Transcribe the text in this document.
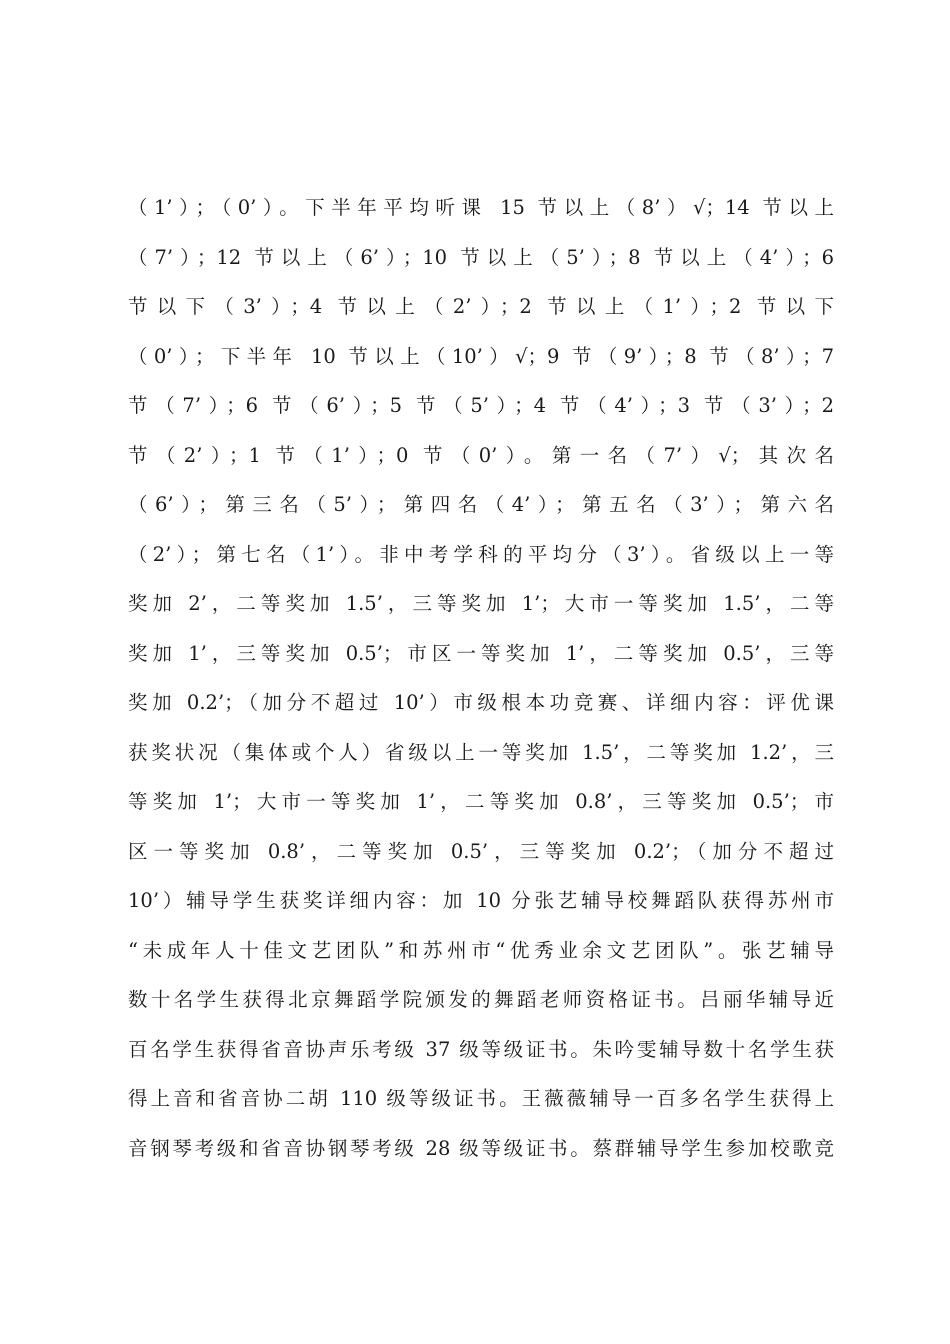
（1’）；（0’）。下半年平均听课 15 节以上（8’）√；14 节以上
（7’）；12 节以上（6’）；10 节以上（5’）；8 节以上（4’）；6
节以下（3’）；4 节以上（2’）；2 节以上（1’）；2 节以下
（0’）；下半年 10 节以上（10’）√；9 节（9’）；8 节（8’）；7
节（7’）；6 节（6’）；5 节（5’）；4 节（4’）；3 节（3’）；2
节（2’）；1 节（1’）；0 节（0’）。第一名（7’）√；其次名
（6’）；第三名（5’）；第四名（4’）；第五名（3’）；第六名
（2’）；第七名（1’）。非中考学科的平均分（3’）。省级以上一等
奖加 2’，二等奖加 1.5’，三等奖加 1’；大市一等奖加 1.5’，二等
奖加 1’，三等奖加 0.5’；市区一等奖加 1’，二等奖加 0.5’，三等
奖加 0.2’；（加分不超过 10’）市级根本功竞赛、详细内容：评优课
获奖状况（集体或个人）省级以上一等奖加 1.5’，二等奖加 1.2’，三
等奖加 1’；大市一等奖加 1’，二等奖加 0.8’，三等奖加 0.5’；市
区一等奖加 0.8’，二等奖加 0.5’，三等奖加 0.2’；（加分不超过
10’）辅导学生获奖详细内容：加 10 分张艺辅导校舞蹈队获得苏州市
“未成年人十佳文艺团队”和苏州市“优秀业余文艺团队”。张艺辅导
数十名学生获得北京舞蹈学院颁发的舞蹈老师资格证书。吕丽华辅导近
百名学生获得省音协声乐考级 37 级等级证书。朱吟雯辅导数十名学生获
得上音和省音协二胡 110 级等级证书。王薇薇辅导一百多名学生获得上
音钢琴考级和省音协钢琴考级 28 级等级证书。蔡群辅导学生参加校歌竞
